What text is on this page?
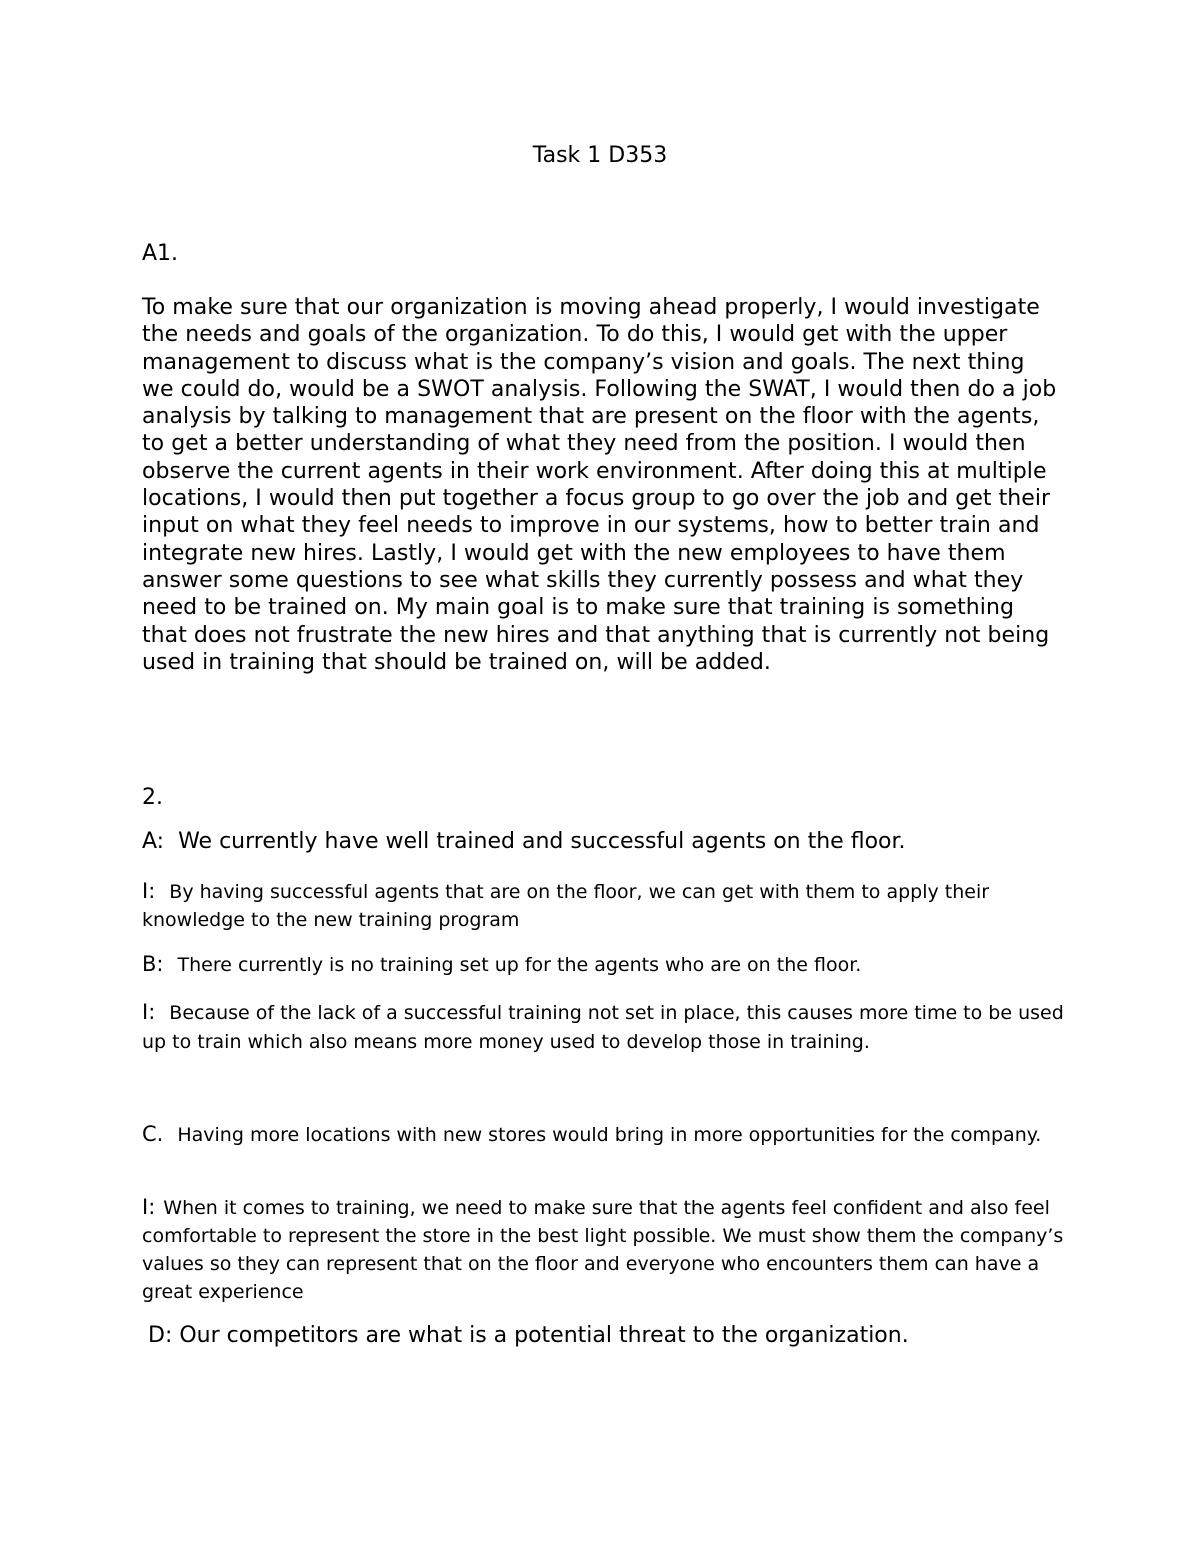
Task 1 D353
A1.

To make sure that our organization is moving ahead properly, I would investigate the needs and goals of the organization. To do this, I would get with the upper management to discuss what is the company’s vision and goals. The next thing we could do, would be a SWOT analysis. Following the SWAT, I would then do a job analysis by talking to management that are present on the floor with the agents, to get a better understanding of what they need from the position. I would then observe the current agents in their work environment. After doing this at multiple locations, I would then put together a focus group to go over the job and get their input on what they feel needs to improve in our systems, how to better train and integrate new hires. Lastly, I would get with the new employees to have them answer some questions to see what skills they currently possess and what they need to be trained on. My main goal is to make sure that training is something that does not frustrate the new hires and that anything that is currently not being used in training that should be trained on, will be added.

2.

A: We currently have well trained and successful agents on the floor.

I: By having successful agents that are on the floor, we can get with them to apply their knowledge to the new training program

B: There currently is no training set up for the agents who are on the floor.

I: Because of the lack of a successful training not set in place, this causes more time to be used up to train which also means more money used to develop those in training.

C. Having more locations with new stores would bring in more opportunities for the company.

I: When it comes to training, we need to make sure that the agents feel confident and also feel comfortable to represent the store in the best light possible. We must show them the company’s values so they can represent that on the floor and everyone who encounters them can have a great experience

D: Our competitors are what is a potential threat to the organization.
